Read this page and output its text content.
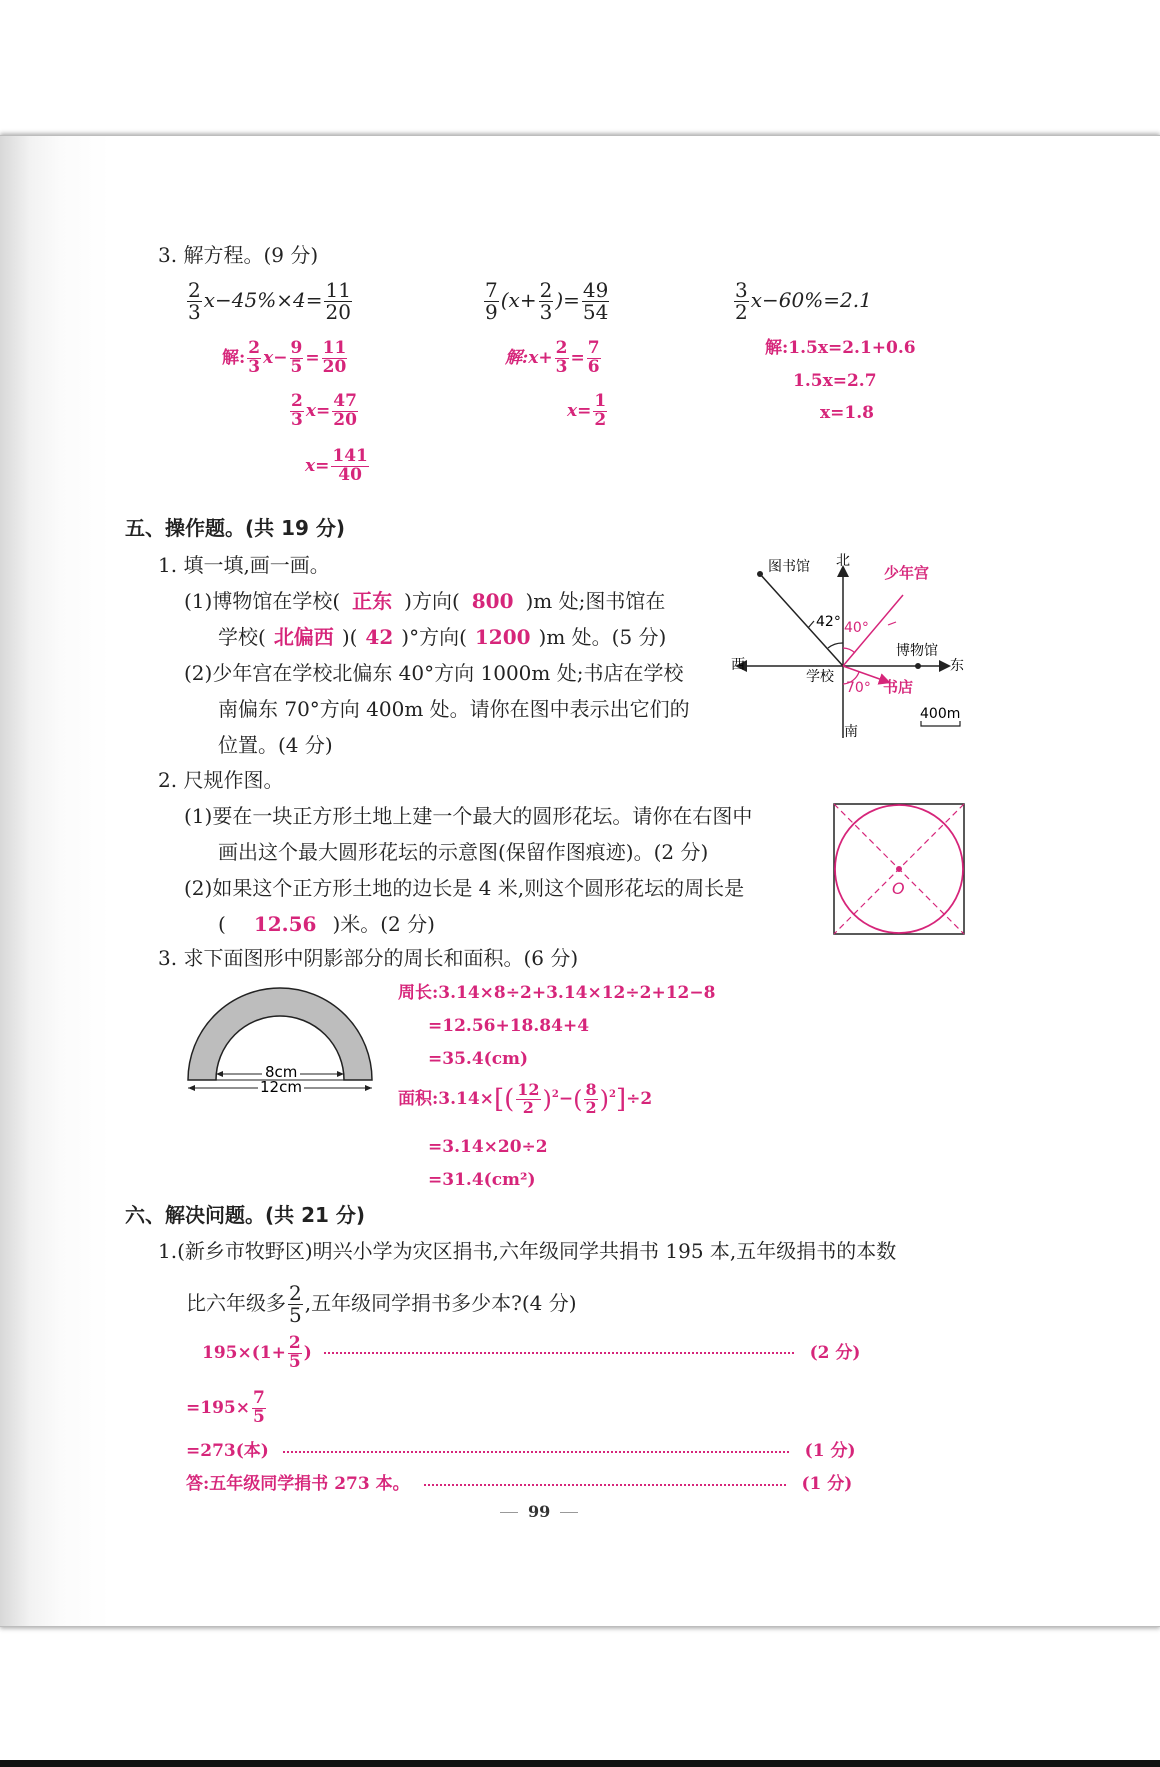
3. 解方程。(9 分)
$\frac{2}{3} x-45\%\times 4= \frac{11}{20}$	$\frac{7}{9} (x+ \frac{2}{3}$ )= $\frac{49}{54}$	$\frac{3}{2} x-60\%=2.1$
解: $\frac{2}{3} x- \frac{9}{5} = \frac{11}{20}$
$\frac{2}{3} x= \frac{47}{20}$
$x= \frac{141}{40}$
解:x+ $\frac{2}{3} = \frac{7}{6}$
$x= \frac{1}{2}$
解:1.5x=2.1+0.6
1.5x=2.7
x=1.8
五、操作题。(共 19 分)
1. 填一填,画一画。
(1)博物馆在学校( 正东 )方向( 800 )m 处;图书馆在
学校( 北偏西 )( 42 )°方向( 1200 )m 处。(5 分)
(2)少年宫在学校北偏东 40°方向 1000m 处;书店在学校
南偏东 70°方向 400m 处。请你在图中表示出它们的
位置。(4 分)
图书馆 北
少年宫
42° 40°
西
博物馆
东
学校
70° 书店
400m
南
2. 尺规作图。
(1)要在一块正方形土地上建一个最大的圆形花坛。请你在右图中
画出这个最大圆形花坛的示意图(保留作图痕迹)。(2 分)
(2)如果这个正方形土地的边长是 4 米,则这个圆形花坛的周长是
( 12.56 )米。(2 分)
O
3. 求下面图形中阴影部分的周长和面积。(6 分)
8cm
12cm
周长:3.14×8÷2+3.14×12÷2+12−8
=12.56+18.84+4
=35.4(cm)
面积:3.14×[( $\frac{12}{2} )^2-( \frac{8}{2} )^2]\div 2$
=3.14×20÷2
=31.4(cm²)
六、解决问题。(共 21 分)
1.(新乡市牧野区)明兴小学为灾区捐书,六年级同学共捐书 195 本,五年级捐书的本数
比六年级多 $\frac{2}{5}$ ,五年级同学捐书多少本?(4 分)
$195\times(1+ \frac{2}{5}$ )	(2 分)
$=195\times \frac{7}{5}$
=273(本)	(1 分)
答:五年级同学捐书 273 本。	(1 分)
99
